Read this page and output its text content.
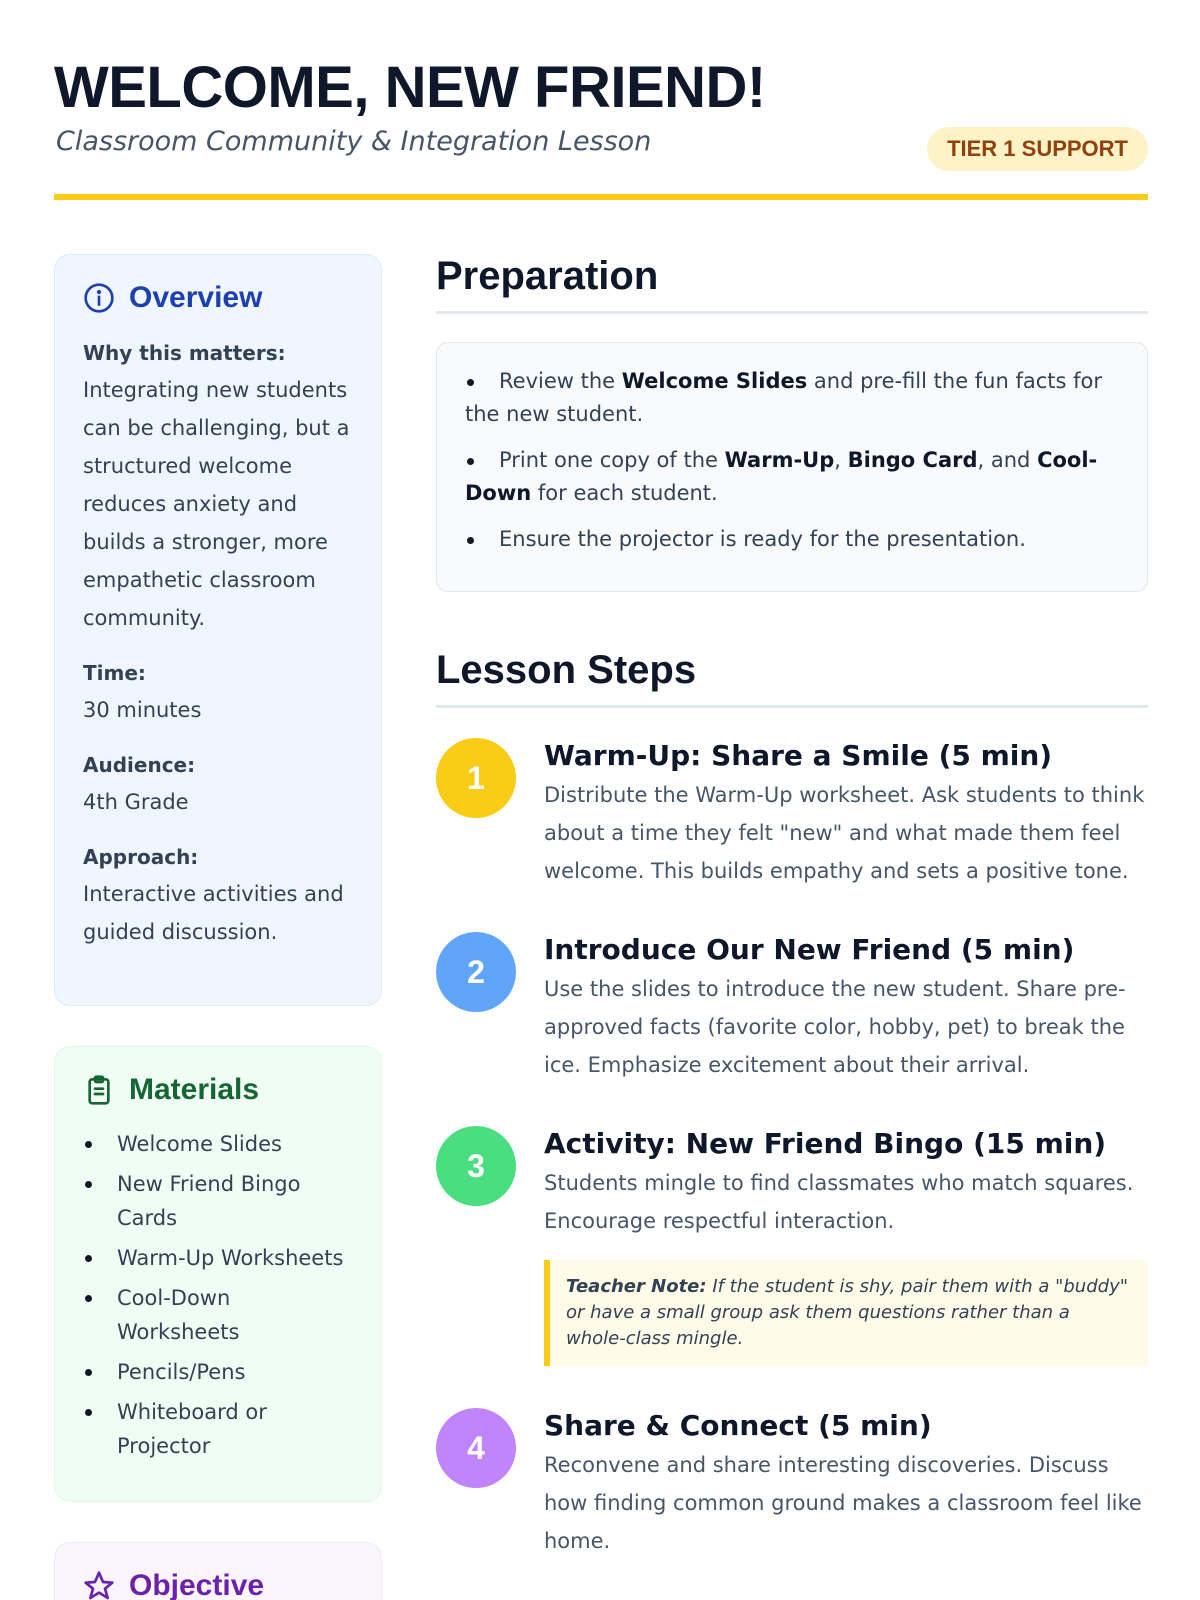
WELCOME, NEW FRIEND!
Classroom Community & Integration Lesson	TIER 1 SUPPORT
Overview
Why this matters:
Integrating new students can be challenging, but a structured welcome reduces anxiety and builds a stronger, more empathetic classroom community.
Time:
30 minutes
Audience:
4th Grade
Approach:
Interactive activities and guided discussion.
Materials
Welcome Slides
New Friend Bingo Cards
Warm-Up Worksheets
Cool-Down Worksheets
Pencils/Pens
Whiteboard or Projector
Objective
Preparation
Review the Welcome Slides and pre-fill the fun facts for the new student.
Print one copy of the Warm-Up, Bingo Card, and Cool-Down for each student.
Ensure the projector is ready for the presentation.
Lesson Steps
1
Warm-Up: Share a Smile (5 min)
Distribute the Warm-Up worksheet. Ask students to think about a time they felt "new" and what made them feel welcome. This builds empathy and sets a positive tone.
2
Introduce Our New Friend (5 min)
Use the slides to introduce the new student. Share pre-approved facts (favorite color, hobby, pet) to break the ice. Emphasize excitement about their arrival.
3
Activity: New Friend Bingo (15 min)
Students mingle to find classmates who match squares. Encourage respectful interaction.
Teacher Note: If the student is shy, pair them with a "buddy" or have a small group ask them questions rather than a whole-class mingle.
4
Share & Connect (5 min)
Reconvene and share interesting discoveries. Discuss how finding common ground makes a classroom feel like home.
